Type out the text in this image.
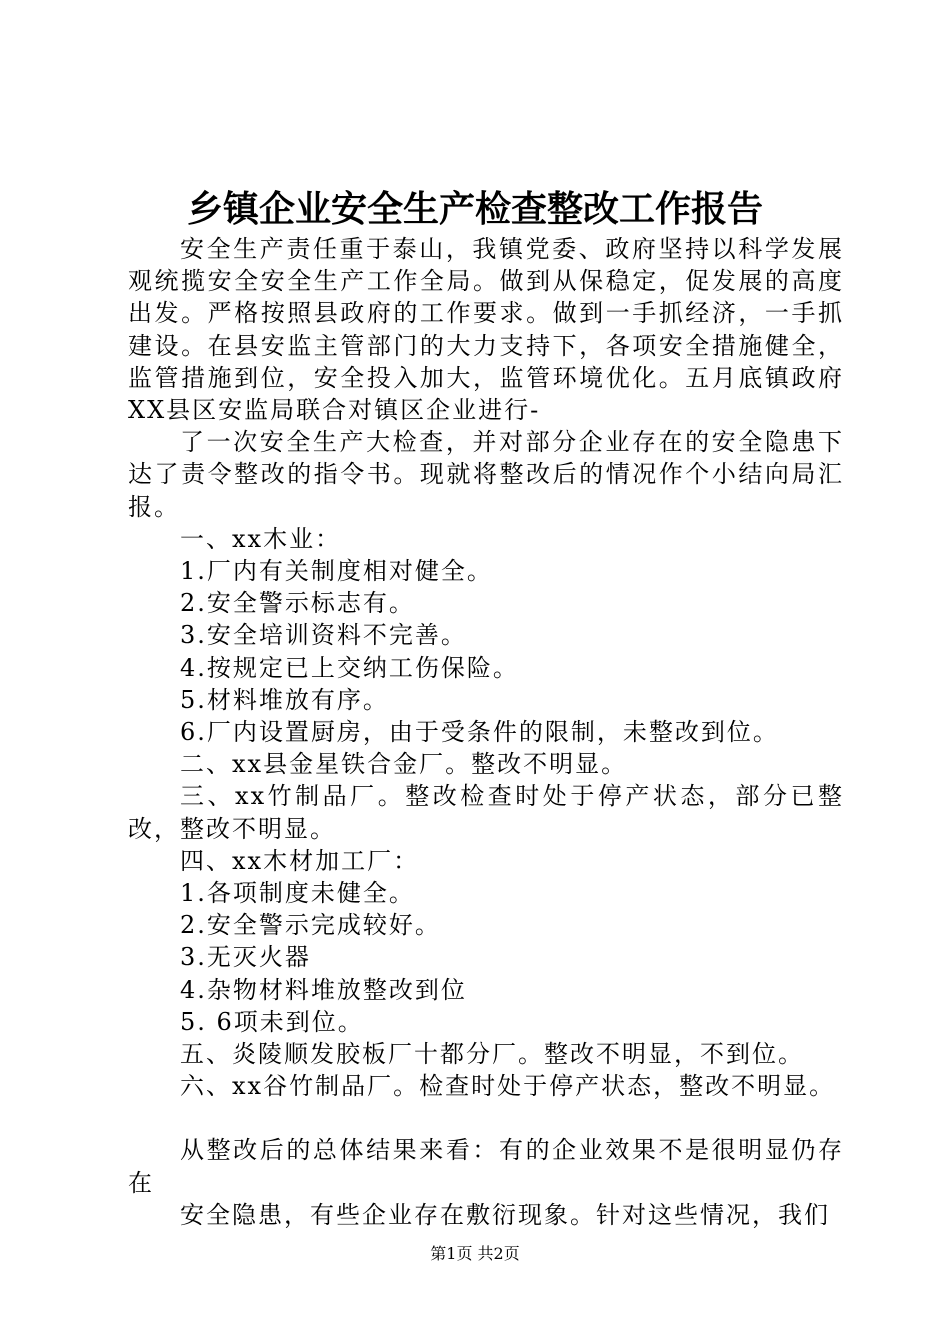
乡镇企业安全生产检查整改工作报告

安全生产责任重于泰山，我镇党委、政府坚持以科学发展观统揽安全安全生产工作全局。做到从保稳定，促发展的高度出发。严格按照县政府的工作要求。做到一手抓经济，一手抓建设。在县安监主管部门的大力支持下，各项安全措施健全，监管措施到位，安全投入加大，监管环境优化。五月底镇政府XX县区安监局联合对镇区企业进行-

了一次安全生产大检查，并对部分企业存在的安全隐患下达了责令整改的指令书。现就将整改后的情况作个小结向局汇报。

一、xx木业：

1.厂内有关制度相对健全。

2.安全警示标志有。

3.安全培训资料不完善。

4.按规定已上交纳工伤保险。

5.材料堆放有序。

6.厂内设置厨房，由于受条件的限制，未整改到位。

二、xx县金星铁合金厂。整改不明显。

三、xx竹制品厂。整改检查时处于停产状态，部分已整改，整改不明显。

四、xx木材加工厂：

1.各项制度未健全。

2.安全警示完成较好。

3.无灭火器

4.杂物材料堆放整改到位

5. 6项未到位。

五、炎陵顺发胶板厂十都分厂。整改不明显，不到位。

六、xx谷竹制品厂。检查时处于停产状态，整改不明显。

从整改后的总体结果来看：有的企业效果不是很明显仍存在

安全隐患，有些企业存在敷衍现象。针对这些情况，我们

第1页 共2页
